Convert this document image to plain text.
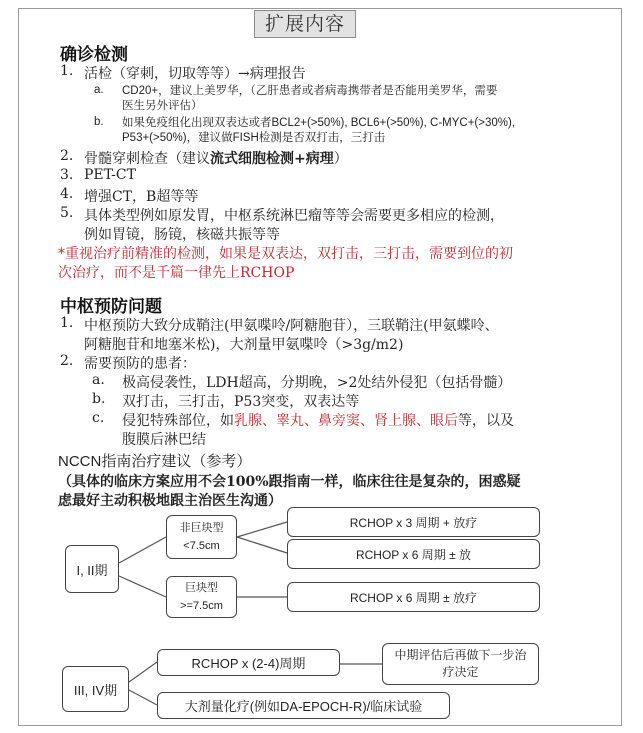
扩展内容
确诊检测
1. 活检（穿刺，切取等等）→病理报告
a. CD20+，建议上美罗华，（乙肝患者或者病毒携带者是否能用美罗华，需要
医生另外评估）
b. 如果免疫组化出现双表达或者BCL2+(>50%), BCL6+(>50%), C-MYC+(>30%),
P53+(>50%)，建议做FISH检测是否双打击，三打击
2. 骨髓穿刺检查（建议流式细胞检测+病理）
3. PET-CT
4. 增强CT，B超等等
5. 具体类型例如原发胃，中枢系统淋巴瘤等等会需要更多相应的检测，
例如胃镜，肠镜，核磁共振等等
*重视治疗前精准的检测，如果是双表达，双打击，三打击，需要到位的初
次治疗，而不是千篇一律先上RCHOP
中枢预防问题
1. 中枢预防大致分成鞘注(甲氨喋呤/阿糖胞苷），三联鞘注(甲氨蝶呤、
阿糖胞苷和地塞米松)，大剂量甲氨喋呤（>3g/m2)
2. 需要预防的患者：
a. 极高侵袭性，LDH超高，分期晚，>2处结外侵犯（包括骨髓）
b. 双打击，三打击，P53突变，双表达等
c. 侵犯特殊部位，如乳腺、睾丸、鼻旁窦、肾上腺、眼后等，以及
腹膜后淋巴结
NCCN指南治疗建议（参考）
（具体的临床方案应用不会100%跟指南一样，临床往往是复杂的，困惑疑
虑最好主动积极地跟主治医生沟通）
I, II期
非巨块型
<7.5cm
巨块型
>=7.5cm
RCHOP x 3 周期 + 放疗
RCHOP x 6 周期 ± 放
RCHOP x 6 周期 ± 放疗
III, IV期
RCHOP x (2-4)周期
中期评估后再做下一步治
疗决定
大剂量化疗(例如DA-EPOCH-R)/临床试验
